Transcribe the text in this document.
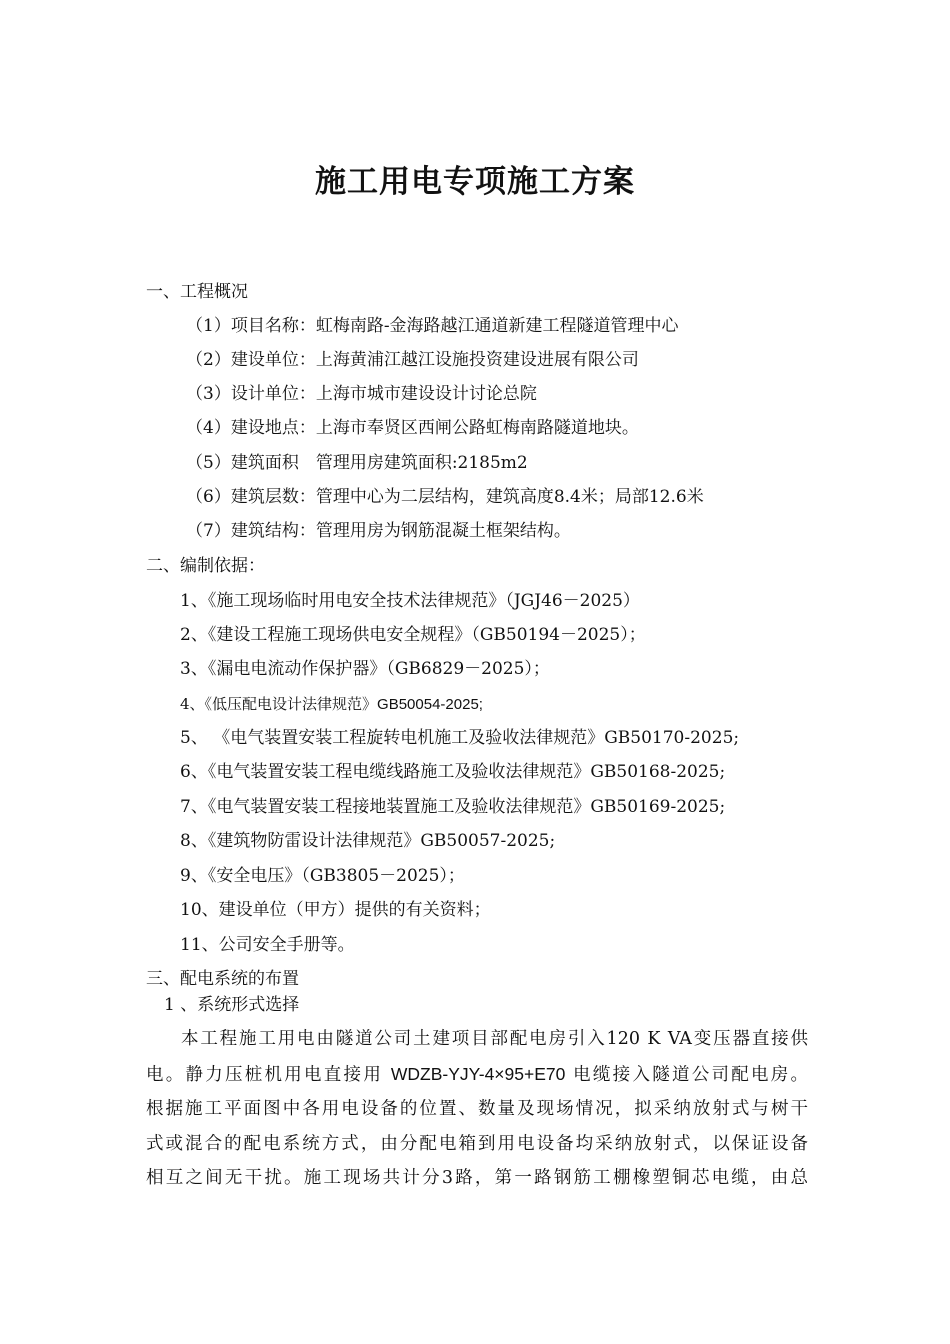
施工用电专项施工方案
一、工程概况
（1）项目名称：虹梅南路-金海路越江通道新建工程隧道管理中心
（2）建设单位：上海黄浦江越江设施投资建设进展有限公司
（3）设计单位：上海市城市建设设计讨论总院
（4）建设地点：上海市奉贤区西闸公路虹梅南路隧道地块。
（5）建筑面积　管理用房建筑面积:2185m2
（6）建筑层数：管理中心为二层结构，建筑高度8.4米；局部12.6米
（7）建筑结构：管理用房为钢筋混凝土框架结构。
二、编制依据：
1、《施工现场临时用电安全技术法律规范》（JGJ46－2025）
2、《建设工程施工现场供电安全规程》（GB50194－2025）；
3、《漏电电流动作保护器》（GB6829－2025）；
4、《低压配电设计法律规范》GB50054-2025;
5、 《电气装置安装工程旋转电机施工及验收法律规范》GB50170-2025;
6、《电气装置安装工程电缆线路施工及验收法律规范》GB50168-2025;
7、《电气装置安装工程接地装置施工及验收法律规范》GB50169-2025;
8、《建筑物防雷设计法律规范》GB50057-2025;
9、《安全电压》（GB3805－2025）；
10、建设单位（甲方）提供的有关资料；
11、公司安全手册等。
三、配电系统的布置
1 、系统形式选择
本工程施工用电由隧道公司土建项目部配电房引入120 K VA变压器直接供
电。静力压桩机用电直接用 WDZB-YJY-4×95+E70 电缆接入隧道公司配电房。
根据施工平面图中各用电设备的位置、数量及现场情况，拟采纳放射式与树干
式或混合的配电系统方式，由分配电箱到用电设备均采纳放射式，以保证设备
相互之间无干扰。施工现场共计分3路，第一路钢筋工棚橡塑铜芯电缆，由总
